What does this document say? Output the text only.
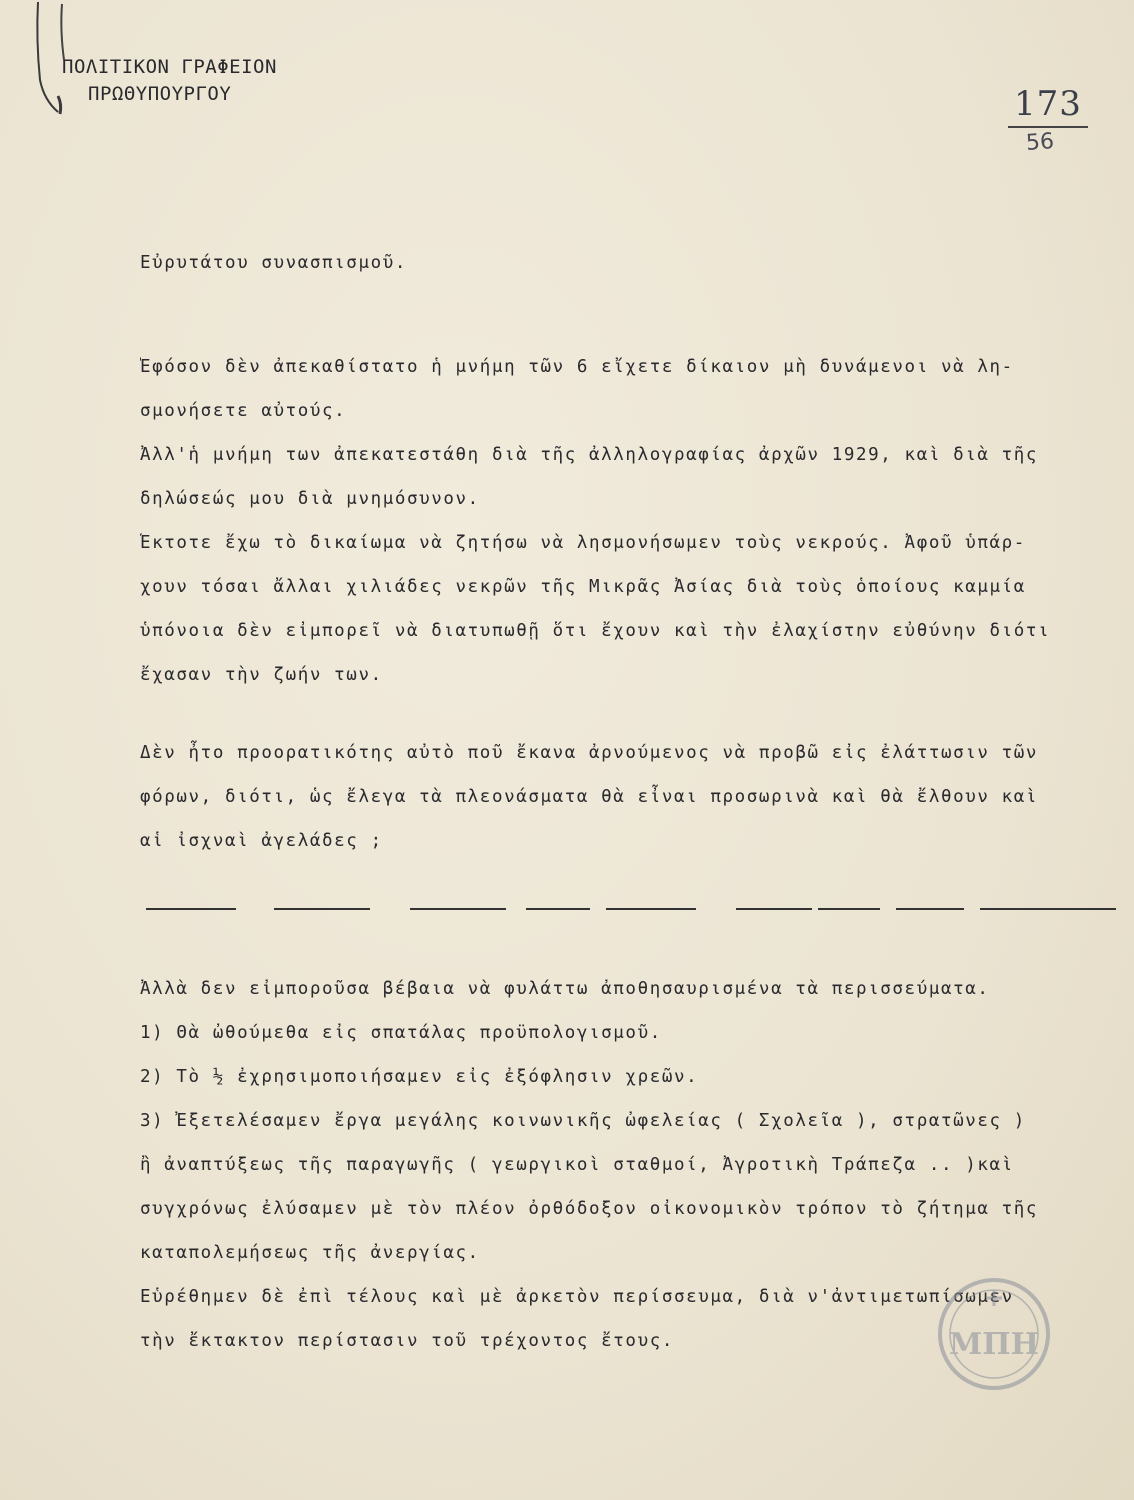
ΠΟΛΙΤΙΚΟΝ ΓΡΑΦΕΙΟΝ
ΠΡΩΘΥΠΟΥΡΓΟΥ	173
56
Εὐρυτάτου συνασπισμοῦ.
Ἐφόσον δὲν ἀπεκαθίστατο ἡ μνήμη τῶν 6 εἴχετε δίκαιον μὴ δυνάμενοι νὰ λη-
σμονήσετε αὐτούς.
Ἀλλ'ἡ μνήμη των ἀπεκατεστάθη διὰ τῆς ἀλληλογραφίας ἀρχῶν 1929, καὶ διὰ τῆς
δηλώσεώς μου διὰ μνημόσυνον.
Ἔκτοτε ἔχω τὸ δικαίωμα νὰ ζητήσω νὰ λησμονήσωμεν τοὺς νεκρούς. Ἀφοῦ ὑπάρ-
χουν τόσαι ἄλλαι χιλιάδες νεκρῶν τῆς Μικρᾶς Ἀσίας διὰ τοὺς ὁποίους καμμία
ὑπόνοια δὲν εἰμπορεῖ νὰ διατυπωθῇ ὅτι ἔχουν καὶ τὴν ἐλαχίστην εὐθύνην διότι
ἔχασαν τὴν ζωήν των.
Δὲν ἦτο προορατικότης αὐτὸ ποῦ ἔκανα ἀρνούμενος νὰ προβῶ εἰς ἐλάττωσιν τῶν
φόρων, διότι, ὡς ἔλεγα τὰ πλεονάσματα θὰ εἶναι προσωρινὰ καὶ θὰ ἔλθουν καὶ
αἱ ἰσχναὶ ἀγελάδες ;
Ἀλλὰ δεν εἰμποροῦσα βέβαια νὰ φυλάττω ἀποθησαυρισμένα τὰ περισσεύματα.
1) Θὰ ὠθούμεθα εἰς σπατάλας προϋπολογισμοῦ.
2) Τὸ ½ ἐχρησιμοποιήσαμεν εἰς ἐξόφλησιν χρεῶν.
3) Ἐξετελέσαμεν ἔργα μεγάλης κοινωνικῆς ὠφελείας ( Σχολεῖα ), στρατῶνες )
ἢ ἀναπτύξεως τῆς παραγωγῆς ( γεωργικοὶ σταθμοί, Ἀγροτικὴ Τράπεζα .. )καὶ
συγχρόνως ἐλύσαμεν μὲ τὸν πλέον ὀρθόδοξον οἰκονομικὸν τρόπον τὸ ζήτημα τῆς
καταπολεμήσεως τῆς ἀνεργίας.
Εὑρέθημεν δὲ ἐπὶ τέλους καὶ μὲ ἀρκετὸν περίσσευμα, διὰ ν'ἀντιμετωπίσωμεν
τὴν ἔκτακτον περίστασιν τοῦ τρέχοντος ἔτους.	ΜΠΗ
